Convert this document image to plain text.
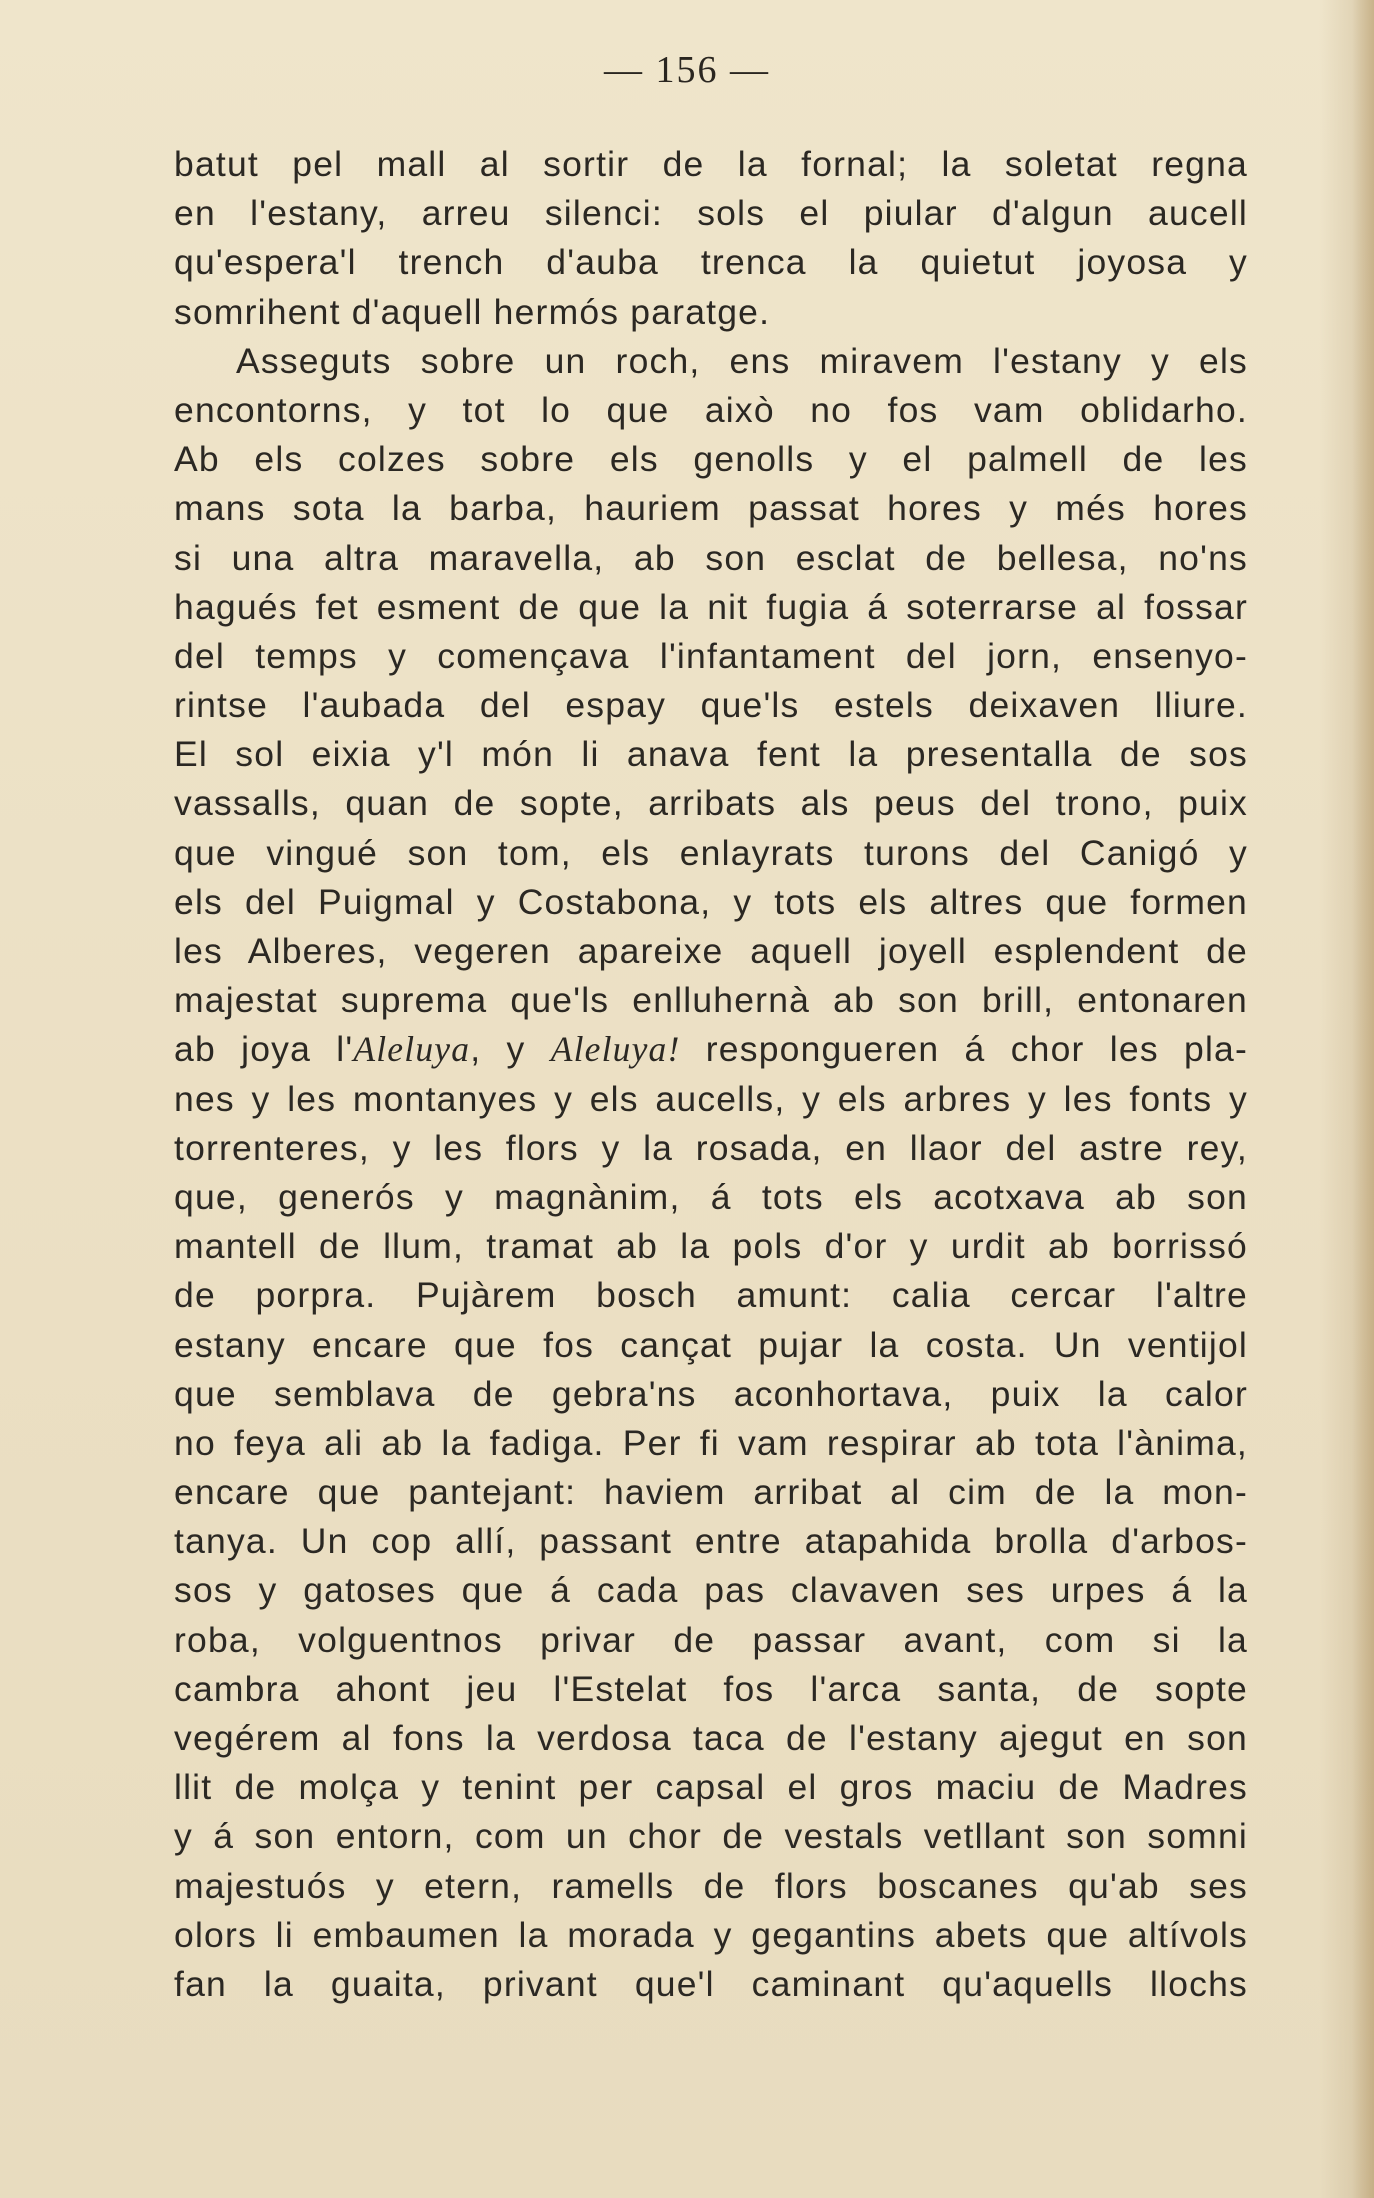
— 156 —
batut pel mall al sortir de la fornal; la soletat regna
en l'estany, arreu silenci: sols el piular d'algun aucell
qu'espera'l trench d'auba trenca la quietut joyosa y
somrihent d'aquell hermós paratge.
Asseguts sobre un roch, ens miravem l'estany y els
encontorns, y tot lo que això no fos vam oblidarho.
Ab els colzes sobre els genolls y el palmell de les
mans sota la barba, hauriem passat hores y més hores
si una altra maravella, ab son esclat de bellesa, no'ns
hagués fet esment de que la nit fugia á soterrarse al fossar
del temps y començava l'infantament del jorn, ensenyo-
rintse l'aubada del espay que'ls estels deixaven lliure.
El sol eixia y'l món li anava fent la presentalla de sos
vassalls, quan de sopte, arribats als peus del trono, puix
que vingué son tom, els enlayrats turons del Canigó y
els del Puigmal y Costabona, y tots els altres que formen
les Alberes, vegeren apareixe aquell joyell esplendent de
majestat suprema que'ls enlluhernà ab son brill, entonaren
ab joya l'Aleluya, y Aleluya! respongueren á chor les pla-
nes y les montanyes y els aucells, y els arbres y les fonts y
torrenteres, y les flors y la rosada, en llaor del astre rey,
que, generós y magnànim, á tots els acotxava ab son
mantell de llum, tramat ab la pols d'or y urdit ab borrissó
de porpra. Pujàrem bosch amunt: calia cercar l'altre
estany encare que fos cançat pujar la costa. Un ventijol
que semblava de gebra'ns aconhortava, puix la calor
no feya ali ab la fadiga. Per fi vam respirar ab tota l'ànima,
encare que pantejant: haviem arribat al cim de la mon-
tanya. Un cop allí, passant entre atapahida brolla d'arbos-
sos y gatoses que á cada pas clavaven ses urpes á la
roba, volguentnos privar de passar avant, com si la
cambra ahont jeu l'Estelat fos l'arca santa, de sopte
vegérem al fons la verdosa taca de l'estany ajegut en son
llit de molça y tenint per capsal el gros maciu de Madres
y á son entorn, com un chor de vestals vetllant son somni
majestuós y etern, ramells de flors boscanes qu'ab ses
olors li embaumen la morada y gegantins abets que altívols
fan la guaita, privant que'l caminant qu'aquells llochs
